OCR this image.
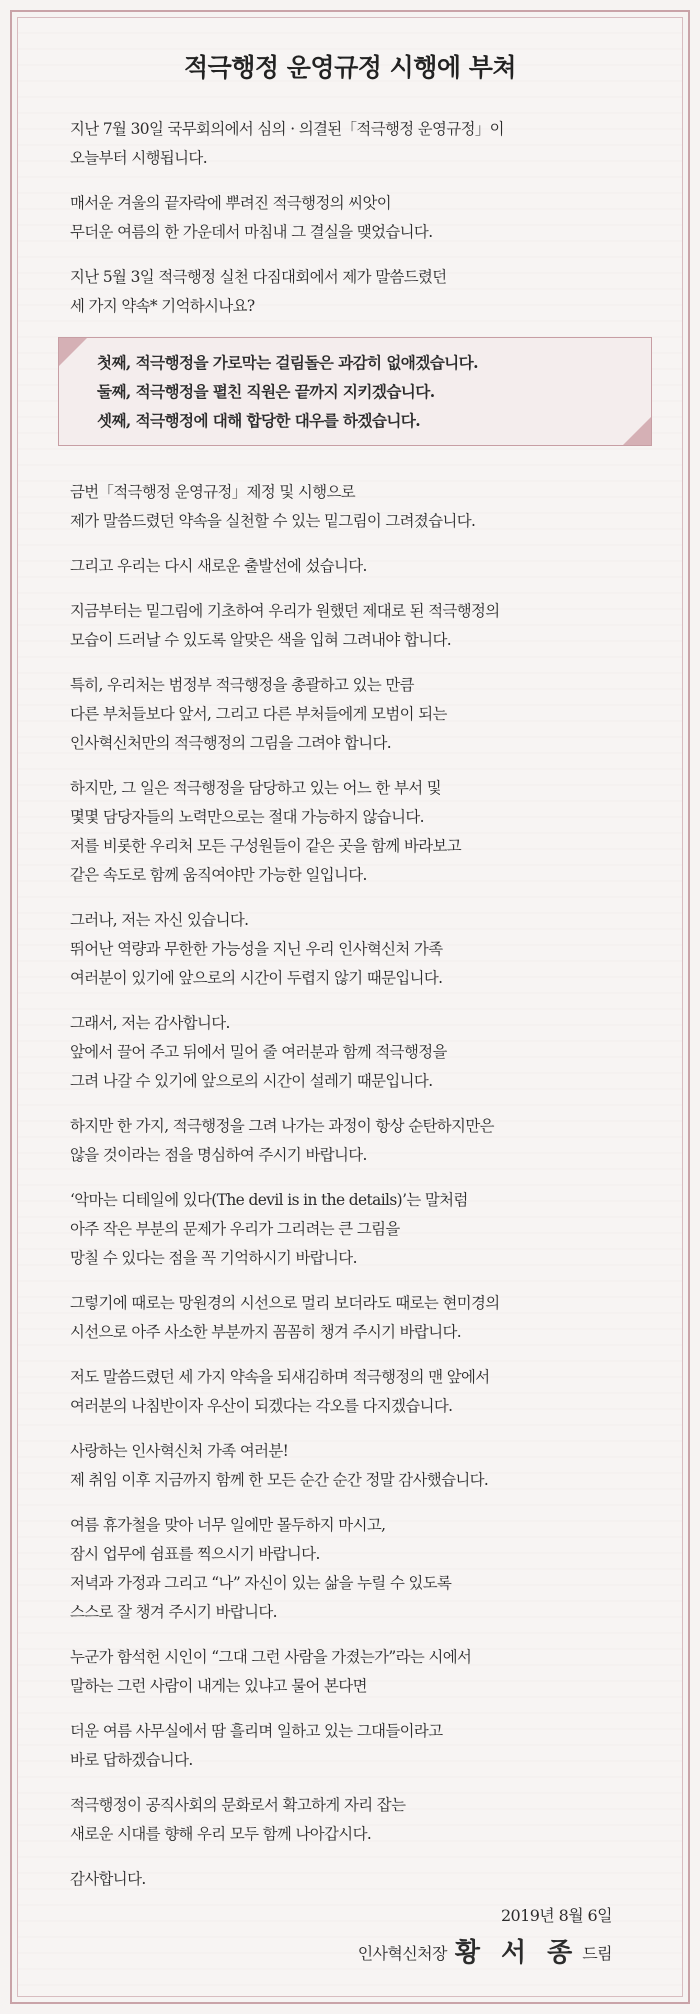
적극행정 운영규정 시행에 부쳐
지난 7월 30일 국무회의에서 심의 · 의결된「적극행정 운영규정」이
오늘부터 시행됩니다.
매서운 겨울의 끝자락에 뿌려진 적극행정의 씨앗이
무더운 여름의 한 가운데서 마침내 그 결실을 맺었습니다.
지난 5월 3일 적극행정 실천 다짐대회에서 제가 말씀드렸던
세 가지 약속* 기억하시나요?
첫째, 적극행정을 가로막는 걸림돌은 과감히 없애겠습니다.
둘째, 적극행정을 펼친 직원은 끝까지 지키겠습니다.
셋째, 적극행정에 대해 합당한 대우를 하겠습니다.
금번「적극행정 운영규정」제정 및 시행으로
제가 말씀드렸던 약속을 실천할 수 있는 밑그림이 그려졌습니다.
그리고 우리는 다시 새로운 출발선에 섰습니다.
지금부터는 밑그림에 기초하여 우리가 원했던 제대로 된 적극행정의
모습이 드러날 수 있도록 알맞은 색을 입혀 그려내야 합니다.
특히, 우리처는 범정부 적극행정을 총괄하고 있는 만큼
다른 부처들보다 앞서, 그리고 다른 부처들에게 모범이 되는
인사혁신처만의 적극행정의 그림을 그려야 합니다.
하지만, 그 일은 적극행정을 담당하고 있는 어느 한 부서 및
몇몇 담당자들의 노력만으로는 절대 가능하지 않습니다.
저를 비롯한 우리처 모든 구성원들이 같은 곳을 함께 바라보고
같은 속도로 함께 움직여야만 가능한 일입니다.
그러나, 저는 자신 있습니다.
뛰어난 역량과 무한한 가능성을 지닌 우리 인사혁신처 가족
여러분이 있기에 앞으로의 시간이 두렵지 않기 때문입니다.
그래서, 저는 감사합니다.
앞에서 끌어 주고 뒤에서 밀어 줄 여러분과 함께 적극행정을
그려 나갈 수 있기에 앞으로의 시간이 설레기 때문입니다.
하지만 한 가지, 적극행정을 그려 나가는 과정이 항상 순탄하지만은
않을 것이라는 점을 명심하여 주시기 바랍니다.
‘악마는 디테일에 있다(The devil is in the details)’는 말처럼
아주 작은 부분의 문제가 우리가 그리려는 큰 그림을
망칠 수 있다는 점을 꼭 기억하시기 바랍니다.
그렇기에 때로는 망원경의 시선으로 멀리 보더라도 때로는 현미경의
시선으로 아주 사소한 부분까지 꼼꼼히 챙겨 주시기 바랍니다.
저도 말씀드렸던 세 가지 약속을 되새김하며 적극행정의 맨 앞에서
여러분의 나침반이자 우산이 되겠다는 각오를 다지겠습니다.
사랑하는 인사혁신처 가족 여러분!
제 취임 이후 지금까지 함께 한 모든 순간 순간 정말 감사했습니다.
여름 휴가철을 맞아 너무 일에만 몰두하지 마시고,
잠시 업무에 쉼표를 찍으시기 바랍니다.
저녁과 가정과 그리고 “나” 자신이 있는 삶을 누릴 수 있도록
스스로 잘 챙겨 주시기 바랍니다.
누군가 함석헌 시인이 “그대 그런 사람을 가졌는가”라는 시에서
말하는 그런 사람이 내게는 있냐고 물어 본다면
더운 여름 사무실에서 땀 흘리며 일하고 있는 그대들이라고
바로 답하겠습니다.
적극행정이 공직사회의 문화로서 확고하게 자리 잡는
새로운 시대를 향해 우리 모두 함께 나아갑시다.
감사합니다.
2019년 8월 6일
인사혁신처장 황 서 종 드림
